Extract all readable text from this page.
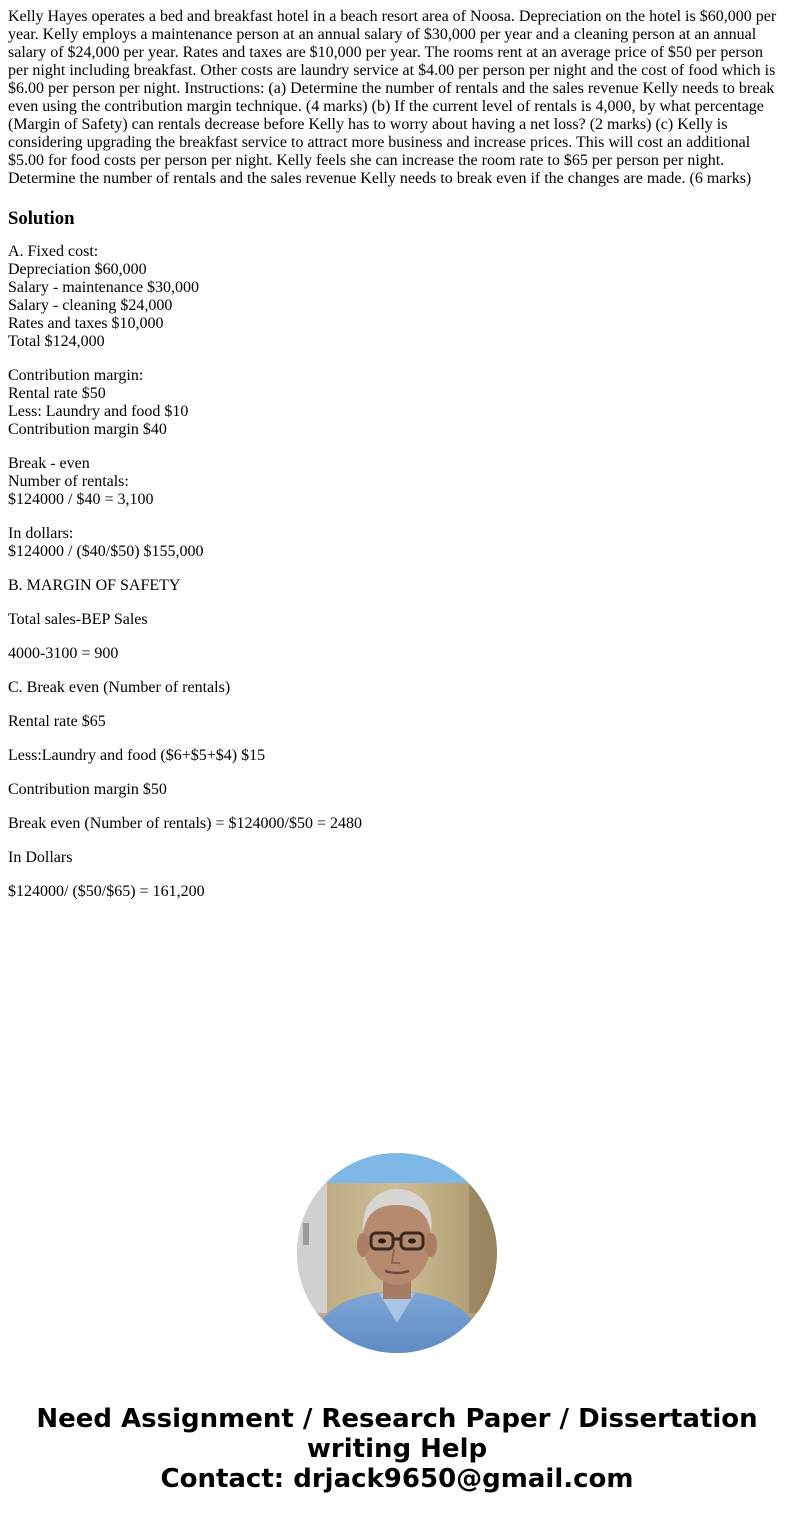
Kelly Hayes operates a bed and breakfast hotel in a beach resort area of Noosa. Depreciation on the hotel is $60,000 per year. Kelly employs a maintenance person at an annual salary of $30,000 per year and a cleaning person at an annual salary of $24,000 per year. Rates and taxes are $10,000 per year. The rooms rent at an average price of $50 per person per night including breakfast. Other costs are laundry service at $4.00 per person per night and the cost of food which is $6.00 per person per night. Instructions: (a) Determine the number of rentals and the sales revenue Kelly needs to break even using the contribution margin technique. (4 marks) (b) If the current level of rentals is 4,000, by what percentage (Margin of Safety) can rentals decrease before Kelly has to worry about having a net loss? (2 marks) (c) Kelly is considering upgrading the breakfast service to attract more business and increase prices. This will cost an additional $5.00 for food costs per person per night. Kelly feels she can increase the room rate to $65 per person per night. Determine the number of rentals and the sales revenue Kelly needs to break even if the changes are made. (6 marks)

Solution
A. Fixed cost:
Depreciation $60,000
Salary - maintenance $30,000
Salary - cleaning $24,000
Rates and taxes $10,000
Total $124,000
Contribution margin:
Rental rate $50
Less: Laundry and food $10
Contribution margin $40
Break - even
Number of rentals:
$124000 / $40 = 3,100
In dollars:
$124000 / ($40/$50) $155,000

B. MARGIN OF SAFETY

Total sales-BEP Sales

4000-3100 = 900

C. Break even (Number of rentals)

Rental rate $65

Less:Laundry and food ($6+$5+$4) $15

Contribution margin $50

Break even (Number of rentals) = $124000/$50 = 2480

In Dollars

$124000/ ($50/$65) = 161,200

Need Assignment / Research Paper / Dissertation
writing Help
Contact: drjack9650@gmail.com
